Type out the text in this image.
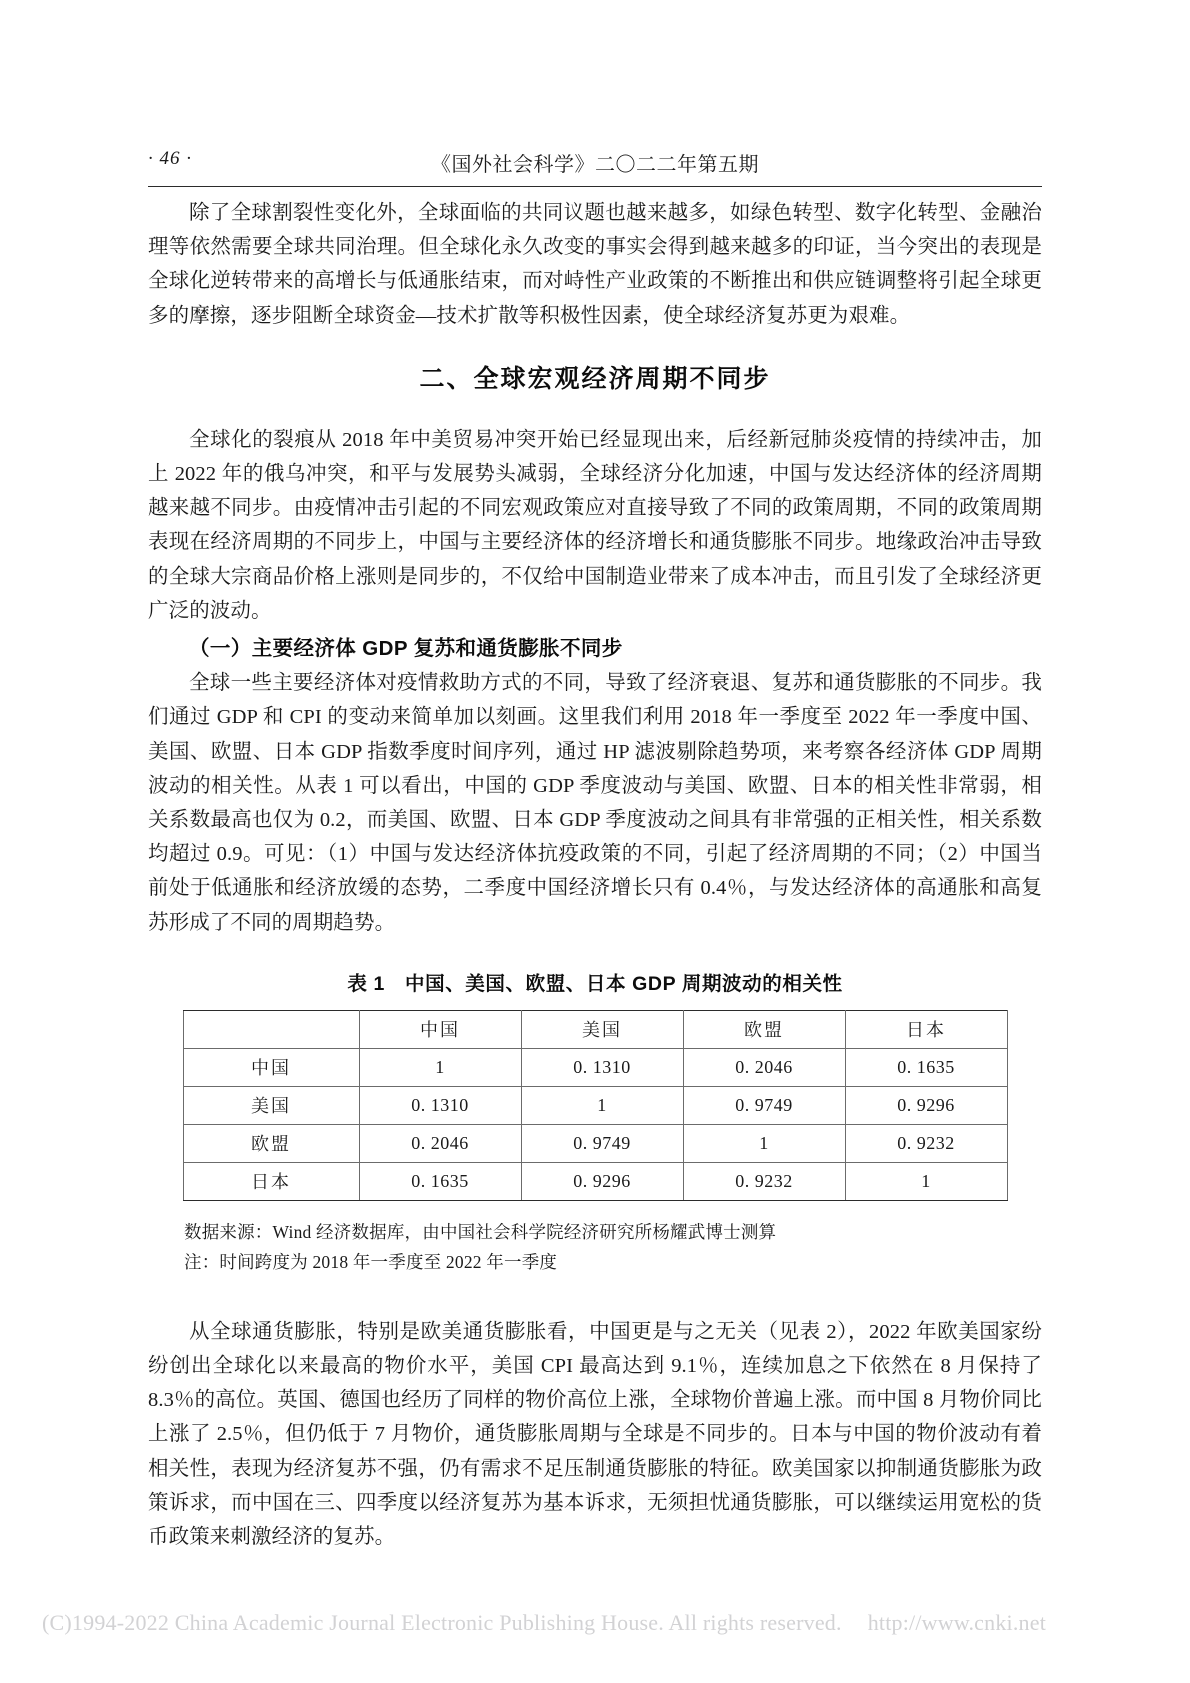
· 46 ·	《国外社会科学》二〇二二年第五期

除了全球割裂性变化外，全球面临的共同议题也越来越多，如绿色转型、数字化转型、金融治理等依然需要全球共同治理。但全球化永久改变的事实会得到越来越多的印证，当今突出的表现是全球化逆转带来的高增长与低通胀结束，而对峙性产业政策的不断推出和供应链调整将引起全球更多的摩擦，逐步阻断全球资金—技术扩散等积极性因素，使全球经济复苏更为艰难。

二、全球宏观经济周期不同步

全球化的裂痕从 2018 年中美贸易冲突开始已经显现出来，后经新冠肺炎疫情的持续冲击，加上 2022 年的俄乌冲突，和平与发展势头减弱，全球经济分化加速，中国与发达经济体的经济周期越来越不同步。由疫情冲击引起的不同宏观政策应对直接导致了不同的政策周期，不同的政策周期表现在经济周期的不同步上，中国与主要经济体的经济增长和通货膨胀不同步。地缘政治冲击导致的全球大宗商品价格上涨则是同步的，不仅给中国制造业带来了成本冲击，而且引发了全球经济更广泛的波动。

（一）主要经济体 GDP 复苏和通货膨胀不同步

全球一些主要经济体对疫情救助方式的不同，导致了经济衰退、复苏和通货膨胀的不同步。我们通过 GDP 和 CPI 的变动来简单加以刻画。这里我们利用 2018 年一季度至 2022 年一季度中国、美国、欧盟、日本 GDP 指数季度时间序列，通过 HP 滤波剔除趋势项，来考察各经济体 GDP 周期波动的相关性。从表 1 可以看出，中国的 GDP 季度波动与美国、欧盟、日本的相关性非常弱，相关系数最高也仅为 0.2，而美国、欧盟、日本 GDP 季度波动之间具有非常强的正相关性，相关系数均超过 0.9。可见：（1）中国与发达经济体抗疫政策的不同，引起了经济周期的不同；（2）中国当前处于低通胀和经济放缓的态势，二季度中国经济增长只有 0.4％，与发达经济体的高通胀和高复苏形成了不同的周期趋势。

表 1　中国、美国、欧盟、日本 GDP 周期波动的相关性
	中国	美国	欧盟	日本
中国	1	0. 1310	0. 2046	0. 1635
美国	0. 1310	1	0. 9749	0. 9296
欧盟	0. 2046	0. 9749	1	0. 9232
日本	0. 1635	0. 9296	0. 9232	1
数据来源：Wind 经济数据库，由中国社会科学院经济研究所杨耀武博士测算
注：时间跨度为 2018 年一季度至 2022 年一季度

从全球通货膨胀，特别是欧美通货膨胀看，中国更是与之无关（见表 2），2022 年欧美国家纷纷创出全球化以来最高的物价水平，美国 CPI 最高达到 9.1％，连续加息之下依然在 8 月保持了 8.3％的高位。英国、德国也经历了同样的物价高位上涨，全球物价普遍上涨。而中国 8 月物价同比上涨了 2.5％，但仍低于 7 月物价，通货膨胀周期与全球是不同步的。日本与中国的物价波动有着相关性，表现为经济复苏不强，仍有需求不足压制通货膨胀的特征。欧美国家以抑制通货膨胀为政策诉求，而中国在三、四季度以经济复苏为基本诉求，无须担忧通货膨胀，可以继续运用宽松的货币政策来刺激经济的复苏。

(C)1994-2022 China Academic Journal Electronic Publishing House. All rights reserved. http://www.cnki.net
